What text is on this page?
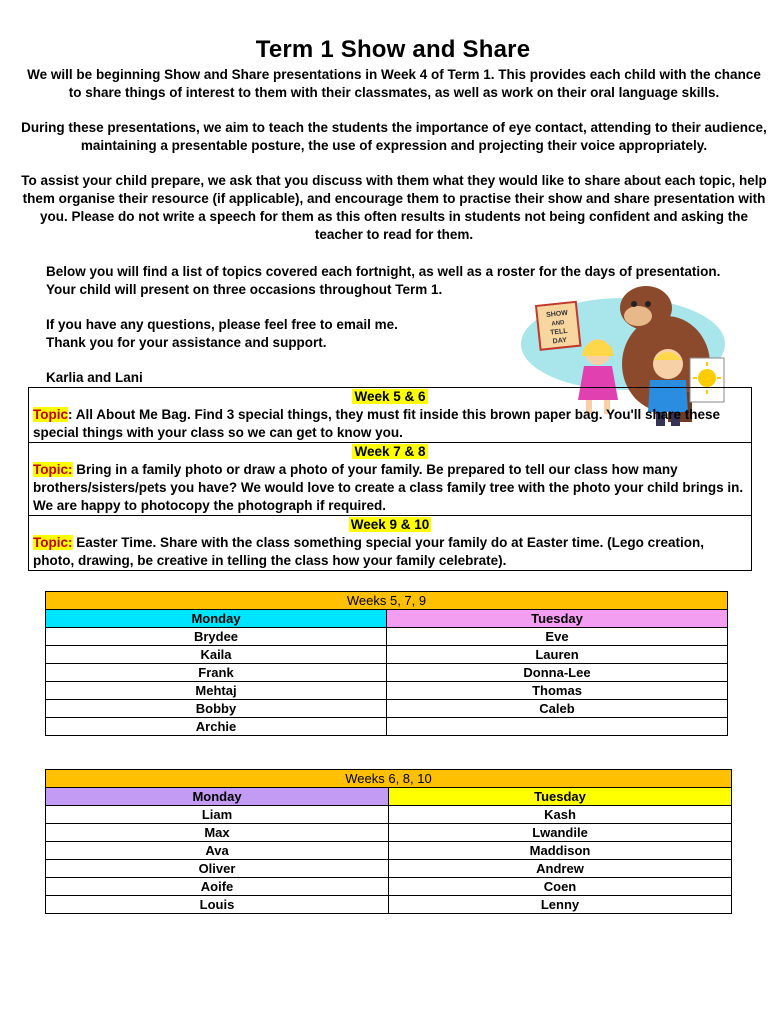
Term 1 Show and Share

We will be beginning Show and Share presentations in Week 4 of Term 1. This provides each child with the chance to share things of interest to them with their classmates, as well as work on their oral language skills.

During these presentations, we aim to teach the students the importance of eye contact, attending to their audience, maintaining a presentable posture, the use of expression and projecting their voice appropriately.

To assist your child prepare, we ask that you discuss with them what they would like to share about each topic, help them organise their resource (if applicable), and encourage them to practise their show and share presentation with you. Please do not write a speech for them as this often results in students not being confident and asking the teacher to read for them.

Below you will find a list of topics covered each fortnight, as well as a roster for the days of presentation.
Your child will present on three occasions throughout Term 1.

If you have any questions, please feel free to email me.
Thank you for your assistance and support.

Karlia and Lani

SHOW
AND
TELL
DAY
Week 5 & 6
Topic: All About Me Bag. Find 3 special things, they must fit inside this brown paper bag. You'll share these special things with your class so we can get to know you.
Week 7 & 8
Topic: Bring in a family photo or draw a photo of your family. Be prepared to tell our class how many brothers/sisters/pets you have? We would love to create a class family tree with the photo your child brings in. We are happy to photocopy the photograph if required.
Week 9 & 10
Topic: Easter Time. Share with the class something special your family do at Easter time. (Lego creation, photo, drawing, be creative in telling the class how your family celebrate).
Weeks 5, 7, 9	
Monday	Tuesday
Brydee	Eve
Kaila	Lauren
Frank	Donna-Lee
Mehtaj	Thomas
Bobby	Caleb
Archie	
Weeks 6, 8, 10	
Monday	Tuesday
Liam	Kash
Max	Lwandile
Ava	Maddison
Oliver	Andrew
Aoife	Coen
Louis	Lenny
